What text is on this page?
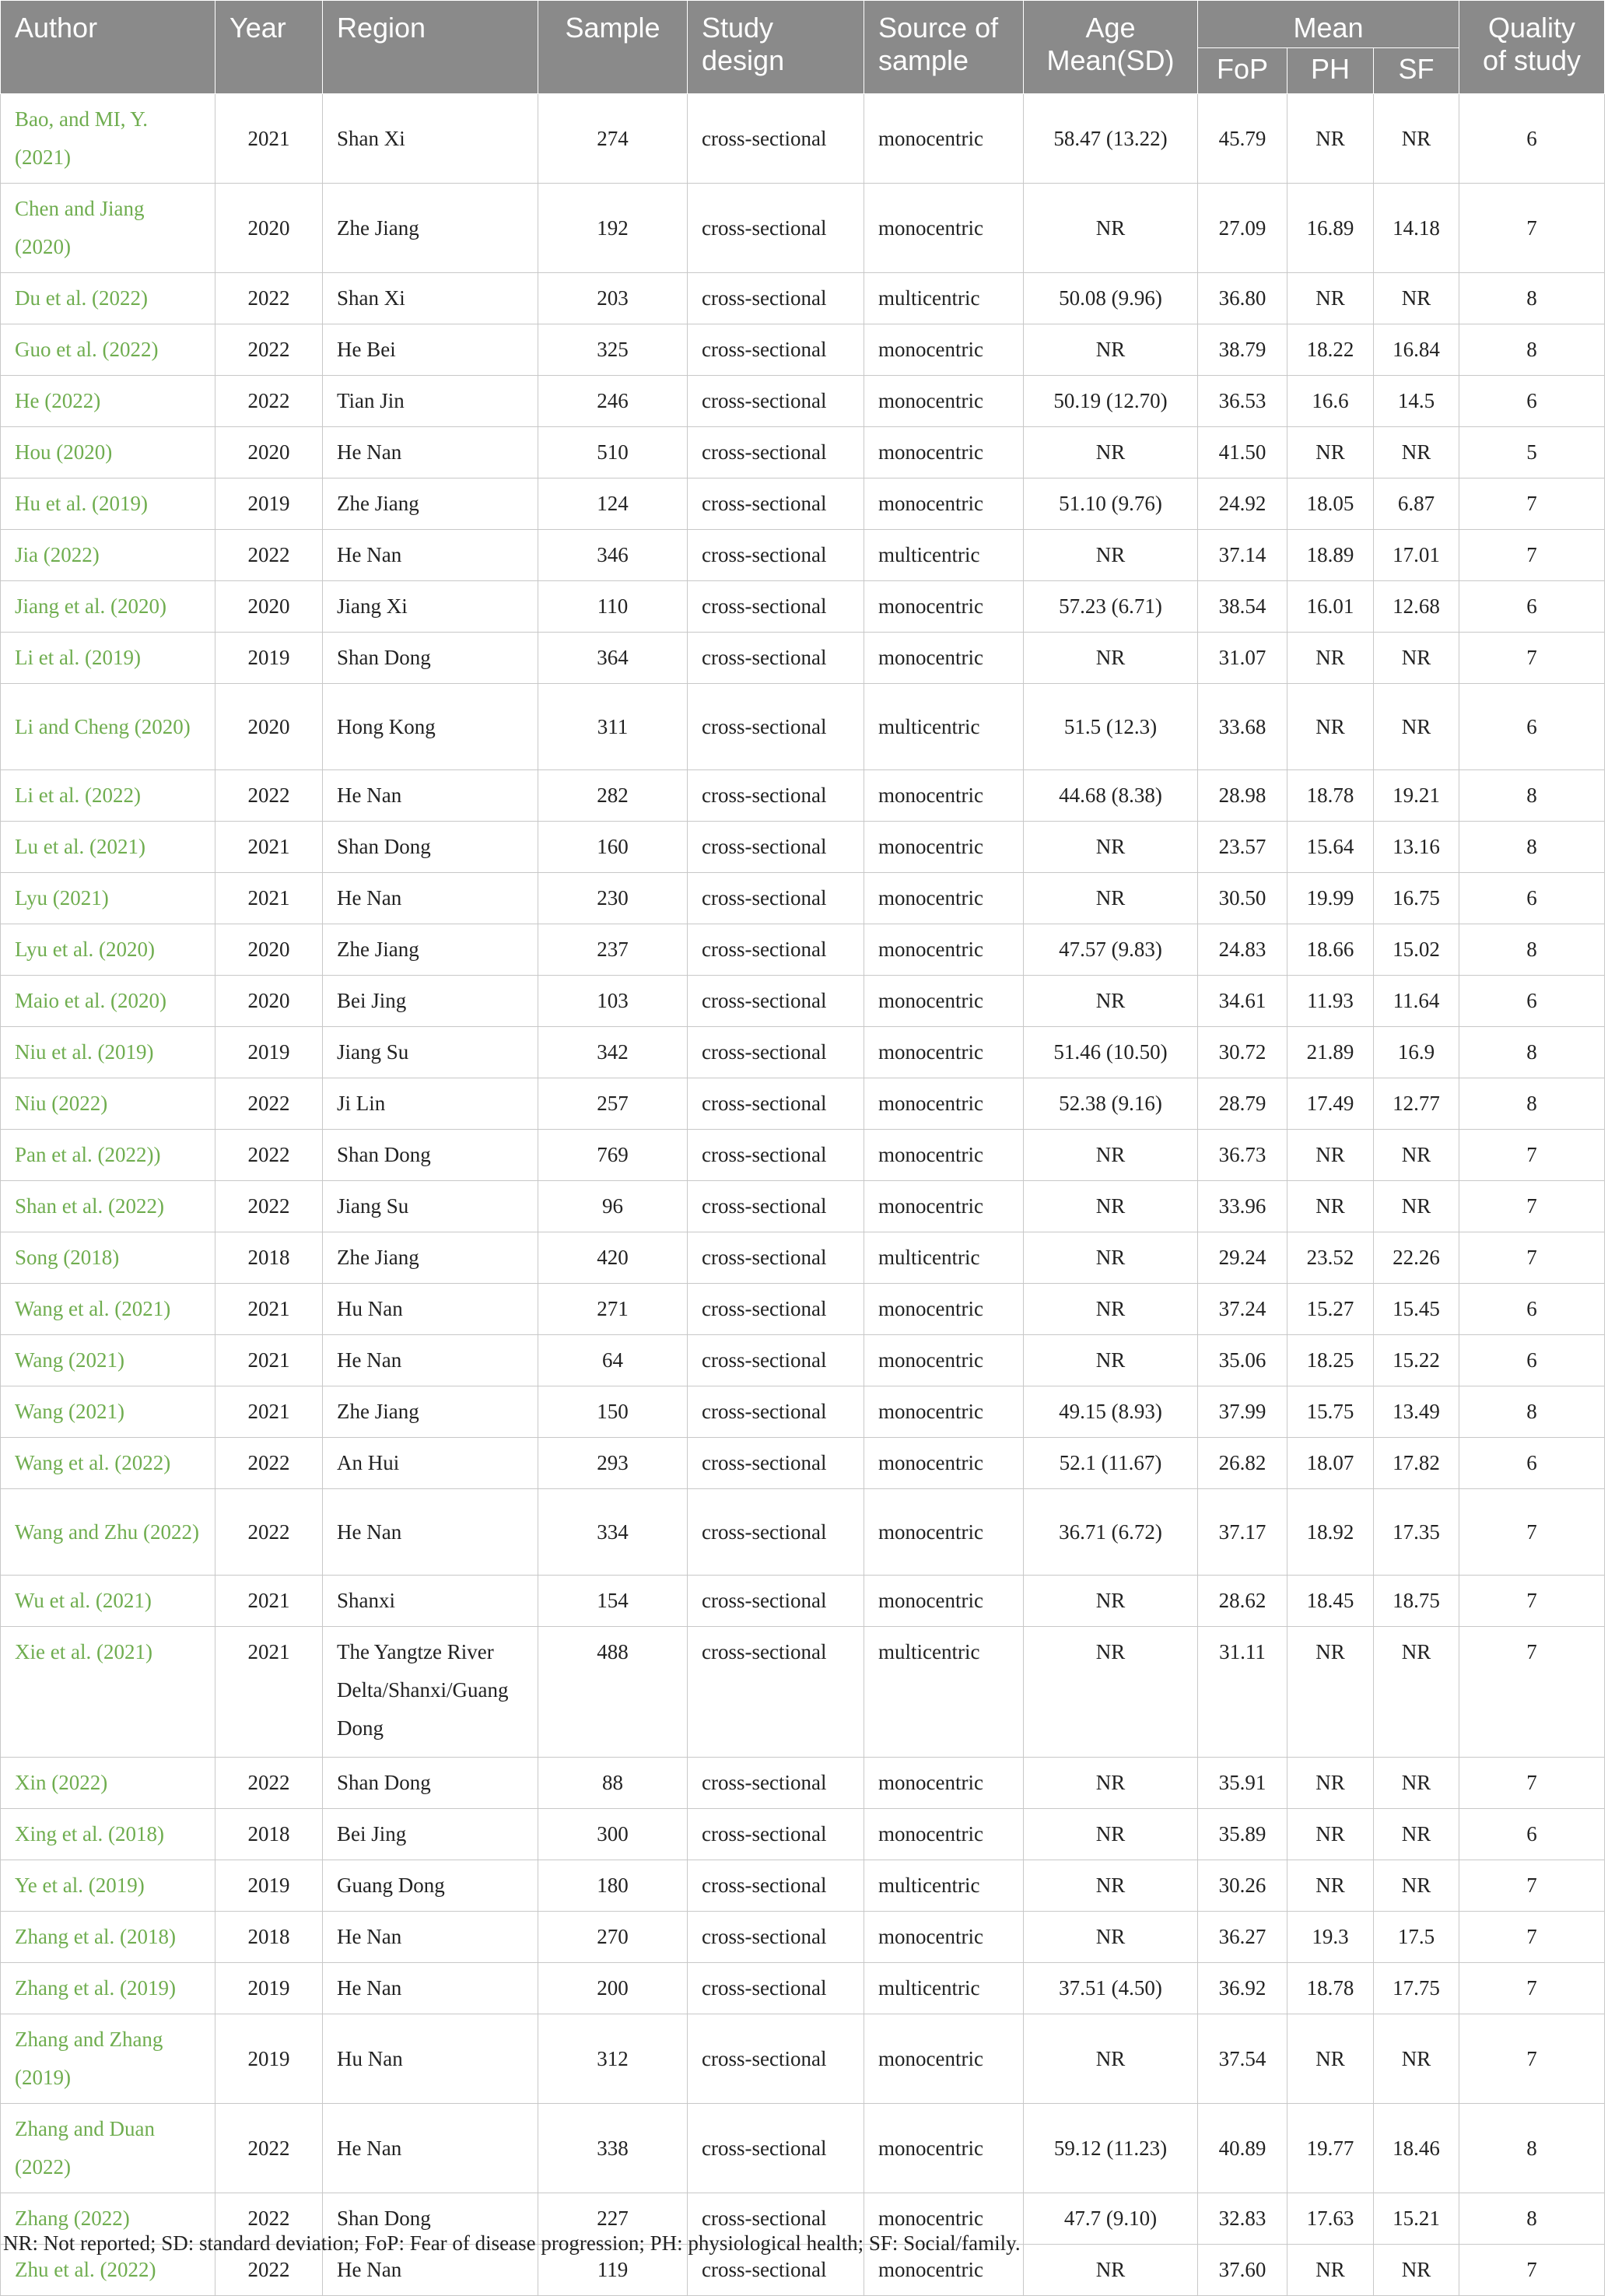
Author	Year	Region	Sample	Study design	Source of sample	Age Mean(SD)	Mean			Quality of study
							FoP	PH	SF	
Bao, and MI, Y. (2021)	2021	Shan Xi	274	cross-sectional	monocentric	58.47 (13.22)	45.79	NR	NR	6
Chen and Jiang (2020)	2020	Zhe Jiang	192	cross-sectional	monocentric	NR	27.09	16.89	14.18	7
Du et al. (2022)	2022	Shan Xi	203	cross-sectional	multicentric	50.08 (9.96)	36.80	NR	NR	8
Guo et al. (2022)	2022	He Bei	325	cross-sectional	monocentric	NR	38.79	18.22	16.84	8
He (2022)	2022	Tian Jin	246	cross-sectional	monocentric	50.19 (12.70)	36.53	16.6	14.5	6
Hou (2020)	2020	He Nan	510	cross-sectional	monocentric	NR	41.50	NR	NR	5
Hu et al. (2019)	2019	Zhe Jiang	124	cross-sectional	monocentric	51.10 (9.76)	24.92	18.05	6.87	7
Jia (2022)	2022	He Nan	346	cross-sectional	multicentric	NR	37.14	18.89	17.01	7
Jiang et al. (2020)	2020	Jiang Xi	110	cross-sectional	monocentric	57.23 (6.71)	38.54	16.01	12.68	6
Li et al. (2019)	2019	Shan Dong	364	cross-sectional	monocentric	NR	31.07	NR	NR	7
Li and Cheng (2020)	2020	Hong Kong	311	cross-sectional	multicentric	51.5 (12.3)	33.68	NR	NR	6
Li et al. (2022)	2022	He Nan	282	cross-sectional	monocentric	44.68 (8.38)	28.98	18.78	19.21	8
Lu et al. (2021)	2021	Shan Dong	160	cross-sectional	monocentric	NR	23.57	15.64	13.16	8
Lyu (2021)	2021	He Nan	230	cross-sectional	monocentric	NR	30.50	19.99	16.75	6
Lyu et al. (2020)	2020	Zhe Jiang	237	cross-sectional	monocentric	47.57 (9.83)	24.83	18.66	15.02	8
Maio et al. (2020)	2020	Bei Jing	103	cross-sectional	monocentric	NR	34.61	11.93	11.64	6
Niu et al. (2019)	2019	Jiang Su	342	cross-sectional	monocentric	51.46 (10.50)	30.72	21.89	16.9	8
Niu (2022)	2022	Ji Lin	257	cross-sectional	monocentric	52.38 (9.16)	28.79	17.49	12.77	8
Pan et al. (2022))	2022	Shan Dong	769	cross-sectional	monocentric	NR	36.73	NR	NR	7
Shan et al. (2022)	2022	Jiang Su	96	cross-sectional	monocentric	NR	33.96	NR	NR	7
Song (2018)	2018	Zhe Jiang	420	cross-sectional	multicentric	NR	29.24	23.52	22.26	7
Wang et al. (2021)	2021	Hu Nan	271	cross-sectional	monocentric	NR	37.24	15.27	15.45	6
Wang (2021)	2021	He Nan	64	cross-sectional	monocentric	NR	35.06	18.25	15.22	6
Wang (2021)	2021	Zhe Jiang	150	cross-sectional	monocentric	49.15 (8.93)	37.99	15.75	13.49	8
Wang et al. (2022)	2022	An Hui	293	cross-sectional	monocentric	52.1 (11.67)	26.82	18.07	17.82	6
Wang and Zhu (2022)	2022	He Nan	334	cross-sectional	monocentric	36.71 (6.72)	37.17	18.92	17.35	7
Wu et al. (2021)	2021	Shanxi	154	cross-sectional	monocentric	NR	28.62	18.45	18.75	7
Xie et al. (2021)	2021	The Yangtze River Delta/Shanxi/Guang Dong	488	cross-sectional	multicentric	NR	31.11	NR	NR	7
Xin (2022)	2022	Shan Dong	88	cross-sectional	monocentric	NR	35.91	NR	NR	7
Xing et al. (2018)	2018	Bei Jing	300	cross-sectional	monocentric	NR	35.89	NR	NR	6
Ye et al. (2019)	2019	Guang Dong	180	cross-sectional	multicentric	NR	30.26	NR	NR	7
Zhang et al. (2018)	2018	He Nan	270	cross-sectional	monocentric	NR	36.27	19.3	17.5	7
Zhang et al. (2019)	2019	He Nan	200	cross-sectional	multicentric	37.51 (4.50)	36.92	18.78	17.75	7
Zhang and Zhang (2019)	2019	Hu Nan	312	cross-sectional	monocentric	NR	37.54	NR	NR	7
Zhang and Duan (2022)	2022	He Nan	338	cross-sectional	monocentric	59.12 (11.23)	40.89	19.77	18.46	8
Zhang (2022)	2022	Shan Dong	227	cross-sectional	monocentric	47.7 (9.10)	32.83	17.63	15.21	8
Zhu et al. (2022)	2022	He Nan	119	cross-sectional	monocentric	NR	37.60	NR	NR	7
NR: Not reported; SD: standard deviation; FoP: Fear of disease progression; PH: physiological health; SF: Social/family.
